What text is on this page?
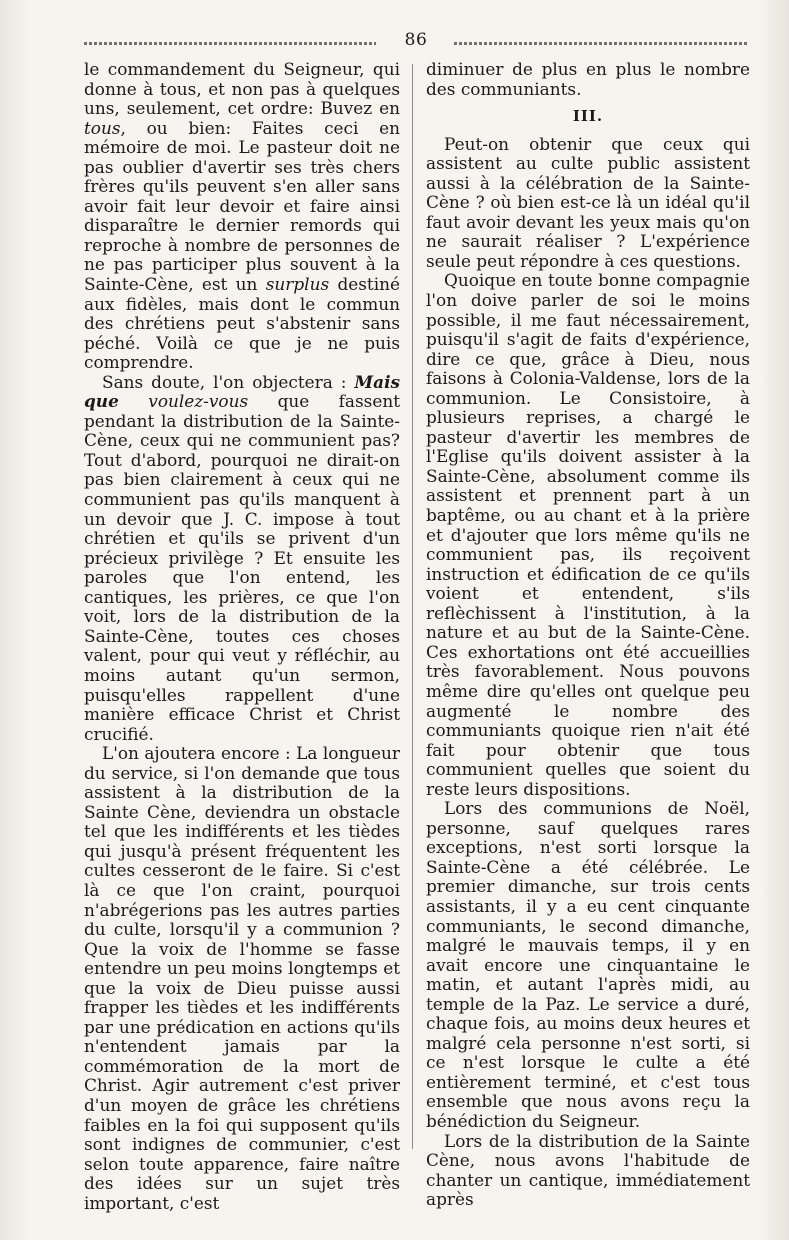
86

le commandement du Seigneur, qui donne à tous, et non pas à quelques uns, seulement, cet ordre: Buvez en tous, ou bien: Faites ceci en mémoire de moi. Le pasteur doit ne pas oublier d'avertir ses très chers frères qu'ils peuvent s'en aller sans avoir fait leur devoir et faire ainsi disparaître le dernier remords qui reproche à nombre de personnes de ne pas participer plus souvent à la Sainte-Cène, est un surplus destiné aux fidèles, mais dont le commun des chrétiens peut s'abstenir sans péché. Voilà ce que je ne puis comprendre.

Sans doute, l'on objectera : Mais que voulez-vous que fassent pendant la distribution de la Sainte-Cène, ceux qui ne communient pas? Tout d'abord, pourquoi ne dirait-on pas bien clairement à ceux qui ne communient pas qu'ils manquent à un devoir que J. C. impose à tout chrétien et qu'ils se privent d'un précieux privilège ? Et ensuite les paroles que l'on entend, les cantiques, les prières, ce que l'on voit, lors de la distribution de la Sainte-Cène, toutes ces choses valent, pour qui veut y réfléchir, au moins autant qu'un sermon, puisqu'elles rappellent d'une manière efficace Christ et Christ crucifié.

L'on ajoutera encore : La longueur du service, si l'on demande que tous assistent à la distribution de la Sainte Cène, deviendra un obstacle tel que les indifférents et les tièdes qui jusqu'à présent fréquentent les cultes cesseront de le faire. Si c'est là ce que l'on craint, pourquoi n'abrégerions pas les autres parties du culte, lorsqu'il y a communion ? Que la voix de l'homme se fasse entendre un peu moins longtemps et que la voix de Dieu puisse aussi frapper les tièdes et les indifférents par une prédication en actions qu'ils n'entendent jamais par la commémoration de la mort de Christ. Agir autrement c'est priver d'un moyen de grâce les chrétiens faibles en la foi qui supposent qu'ils sont indignes de communier, c'est selon toute apparence, faire naître des idées sur un sujet très important, c'est

diminuer de plus en plus le nombre des communiants.

III.

Peut-on obtenir que ceux qui assistent au culte public assistent aussi à la célébration de la Sainte-Cène ? où bien est-ce là un idéal qu'il faut avoir devant les yeux mais qu'on ne saurait réaliser ? L'expérience seule peut répondre à ces questions.

Quoique en toute bonne compagnie l'on doive parler de soi le moins possible, il me faut nécessairement, puisqu'il s'agit de faits d'expérience, dire ce que, grâce à Dieu, nous faisons à Colonia-Valdense, lors de la communion. Le Consistoire, à plusieurs reprises, a chargé le pasteur d'avertir les membres de l'Eglise qu'ils doivent assister à la Sainte-Cène, absolument comme ils assistent et prennent part à un baptême, ou au chant et à la prière et d'ajouter que lors même qu'ils ne communient pas, ils reçoivent instruction et édification de ce qu'ils voient et entendent, s'ils reflèchissent à l'institution, à la nature et au but de la Sainte-Cène. Ces exhortations ont été accueillies très favorablement. Nous pouvons même dire qu'elles ont quelque peu augmenté le nombre des communiants quoique rien n'ait été fait pour obtenir que tous communient quelles que soient du reste leurs dispositions.

Lors des communions de Noël, personne, sauf quelques rares exceptions, n'est sorti lorsque la Sainte-Cène a été célébrée. Le premier dimanche, sur trois cents assistants, il y a eu cent cinquante communiants, le second dimanche, malgré le mauvais temps, il y en avait encore une cinquantaine le matin, et autant l'après midi, au temple de la Paz. Le service a duré, chaque fois, au moins deux heures et malgré cela personne n'est sorti, si ce n'est lorsque le culte a été entièrement terminé, et c'est tous ensemble que nous avons reçu la bénédiction du Seigneur.

Lors de la distribution de la Sainte Cène, nous avons l'habitude de chanter un cantique, immédiatement après
